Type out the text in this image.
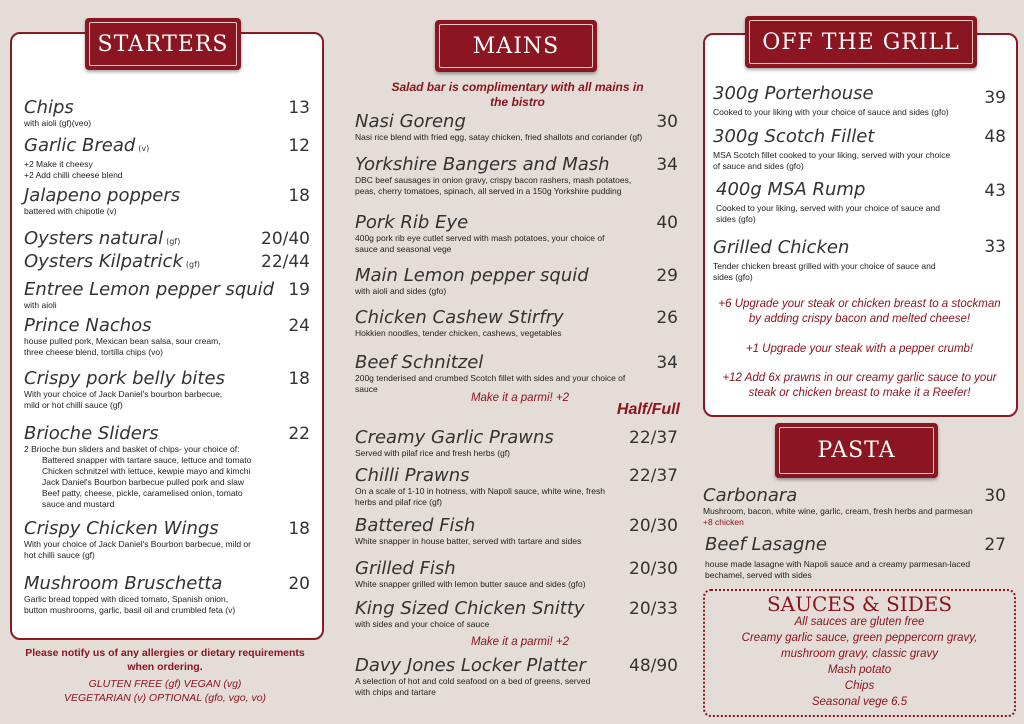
STARTERS
Chips
with aioli (gf)(veo)
13
Garlic Bread (v)
+2 Make it cheesy
+2 Add chilli cheese blend
12
Jalapeno poppers
battered with chipotle (v)
18
Oysters natural (gf)	20/40
Oysters Kilpatrick (gf)	22/44
Entree Lemon pepper squid
with aioli
19
Prince Nachos
house pulled pork, Mexican bean salsa, sour cream,
three cheese blend, tortilla chips (vo)
24
Crispy pork belly bites
With your choice of Jack Daniel's bourbon barbecue,
mild or hot chilli sauce (gf)
18
Brioche Sliders
2 Brioche bun sliders and basket of chips- your choice of:
Battered snapper with tartare sauce, lettuce and tomato
Chicken schnitzel with lettuce, kewpie mayo and kimchi
Jack Daniel's Bourbon barbecue pulled pork and slaw
Beef patty, cheese, pickle, caramelised onion, tomato
sauce and mustard
22
Crispy Chicken Wings
With your choice of Jack Daniel's Bourbon barbecue, mild or
hot chilli sauce (gf)
18
Mushroom Bruschetta
Garlic bread topped with diced tomato, Spanish onion,
button mushrooms, garlic, basil oil and crumbled feta (v)
20
Please notify us of any allergies or dietary requirements
when ordering.
GLUTEN FREE (gf) VEGAN (vg)
VEGETARIAN (v) OPTIONAL (gfo, vgo, vo)
MAINS
Salad bar is complimentary with all mains in
the bistro
Nasi Goreng
Nasi rice blend with fried egg, satay chicken, fried shallots and coriander (gf)
30
Yorkshire Bangers and Mash
DBC beef sausages in onion gravy, crispy bacon rashers, mash potatoes,
peas, cherry tomatoes, spinach, all served in a 150g Yorkshire pudding
34
Pork Rib Eye
400g pork rib eye cutlet served with mash potatoes, your choice of
sauce and seasonal vege
40
Main Lemon pepper squid
with aioli and sides (gfo)
29
Chicken Cashew Stirfry
Hokkien noodles, tender chicken, cashews, vegetables
26
Beef Schnitzel
200g tenderised and crumbed Scotch fillet with sides and your choice of
sauce
34
Make it a parmi! +2
Half/Full
Creamy Garlic Prawns
Served with pilaf rice and fresh herbs (gf)
22/37
Chilli Prawns
On a scale of 1-10 in hotness, with Napoli sauce, white wine, fresh
herbs and pilaf rice (gf)
22/37
Battered Fish
White snapper in house batter, served with tartare and sides
20/30
Grilled Fish
White snapper grilled with lemon butter sauce and sides (gfo)
20/30
King Sized Chicken Snitty
with sides and your choice of sauce
20/33
Make it a parmi! +2
Davy Jones Locker Platter
A selection of hot and cold seafood on a bed of greens, served
with chips and tartare
48/90
OFF THE GRILL
300g Porterhouse
Cooked to your liking with your choice of sauce and sides (gfo)
39
300g Scotch Fillet
MSA Scotch fillet cooked to your liking, served with your choice
of sauce and sides (gfo)
48
400g MSA Rump
Cooked to your liking, served with your choice of sauce and
sides (gfo)
43
Grilled Chicken
Tender chicken breast grilled with your choice of sauce and
sides (gfo)
33
+6 Upgrade your steak or chicken breast to a stockman
by adding crispy bacon and melted cheese!
+1 Upgrade your steak with a pepper crumb!
+12 Add 6x prawns in our creamy garlic sauce to your
steak or chicken breast to make it a Reefer!
PASTA
Carbonara
Mushroom, bacon, white wine, garlic, cream, fresh herbs and parmesan
+8 chicken
30
Beef Lasagne
house made lasagne with Napoli sauce and a creamy parmesan-laced
bechamel, served with sides
27
SAUCES & SIDES
All sauces are gluten free
Creamy garlic sauce, green peppercorn gravy,
mushroom gravy, classic gravy
Mash potato
Chips
Seasonal vege 6.5
